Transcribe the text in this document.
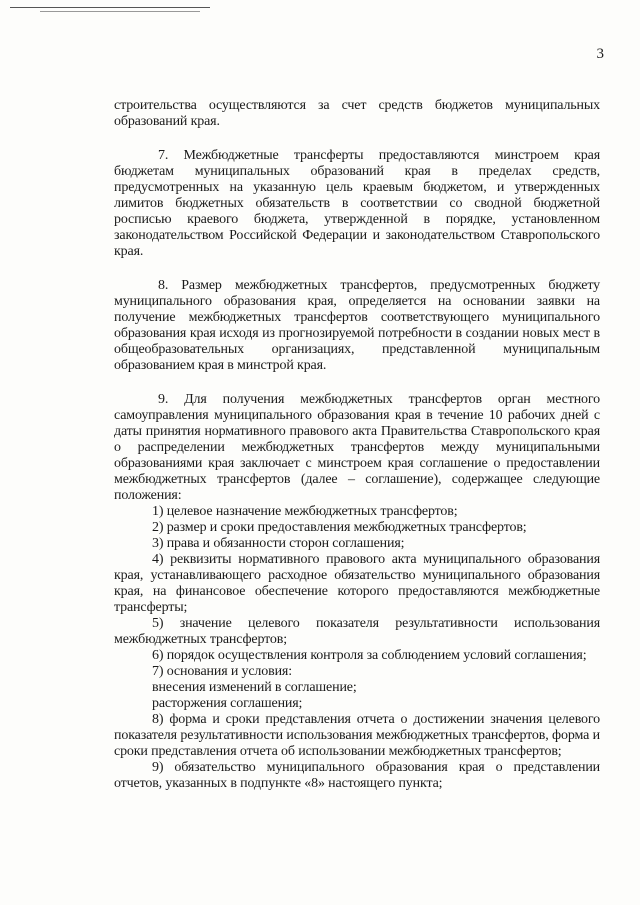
3

строительства осуществляются за счет средств бюджетов муниципальных образований края.

7. Межбюджетные трансферты предоставляются минстроем края бюджетам муниципальных образований края в пределах средств, предусмотренных на указанную цель краевым бюджетом, и утвержденных лимитов бюджетных обязательств в соответствии со сводной бюджетной росписью краевого бюджета, утвержденной в порядке, установленном законодательством Российской Федерации и законодательством Ставропольского края.

8. Размер межбюджетных трансфертов, предусмотренных бюджету муниципального образования края, определяется на основании заявки на получение межбюджетных трансфертов соответствующего муниципального образования края исходя из прогнозируемой потребности в создании новых мест в общеобразовательных организациях, представленной муниципальным образованием края в минстрой края.

9. Для получения межбюджетных трансфертов орган местного самоуправления муниципального образования края в течение 10 рабочих дней с даты принятия нормативного правового акта Правительства Ставропольского края о распределении межбюджетных трансфертов между муниципальными образованиями края заключает с минстроем края соглашение о предоставлении межбюджетных трансфертов (далее – соглашение), содержащее следующие положения:

1) целевое назначение межбюджетных трансфертов;

2) размер и сроки предоставления межбюджетных трансфертов;

3) права и обязанности сторон соглашения;

4) реквизиты нормативного правового акта муниципального образования края, устанавливающего расходное обязательство муниципального образования края, на финансовое обеспечение которого предоставляются межбюджетные трансферты;

5) значение целевого показателя результативности использования межбюджетных трансфертов;

6) порядок осуществления контроля за соблюдением условий соглашения;

7) основания и условия:

внесения изменений в соглашение;

расторжения соглашения;

8) форма и сроки представления отчета о достижении значения целевого показателя результативности использования межбюджетных трансфертов, форма и сроки представления отчета об использовании межбюджетных трансфертов;

9) обязательство муниципального образования края о представлении отчетов, указанных в подпункте «8» настоящего пункта;
